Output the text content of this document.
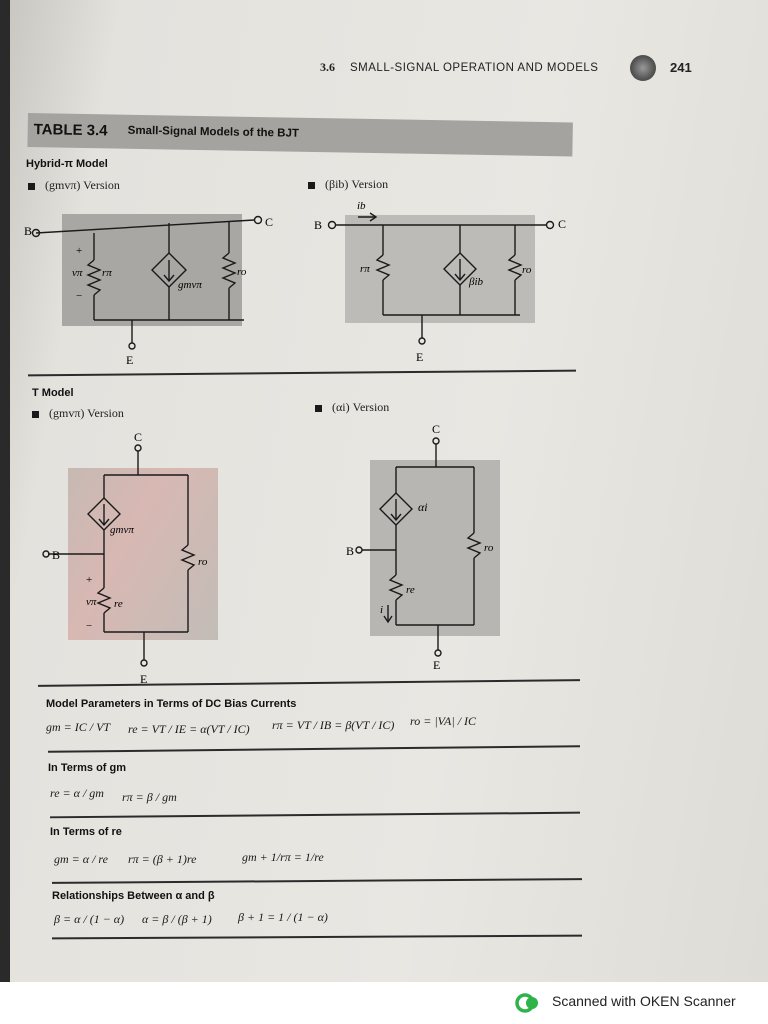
3.6 SMALL-SIGNAL OPERATION AND MODELS	241
TABLE 3.4 Small-Signal Models of the BJT
Hybrid-π Model
(gmvπ) Version	(βib) Version
B
C
E
+
−
vπ rπ
gmvπ
ro
B	C
E
ib
rπ
βib
ro
T Model
(gmvπ) Version	(αi) Version
C
B
E
+
−
vπ re
gmvπ
ro
C
B
E
αi
re
i
ro
Model Parameters in Terms of DC Bias Currents
gm = IC / VT re = VT / IE = α(VT / IC) rπ = VT / IB = β(VT / IC) ro = |VA| / IC
In Terms of gm
re = α / gm rπ = β / gm
In Terms of re
gm = α / re rπ = (β + 1)re	gm + 1/rπ = 1/re
Relationships Between α and β
β = α / (1 − α) α = β / (β + 1) β + 1 = 1 / (1 − α)
Scanned with OKEN Scanner
